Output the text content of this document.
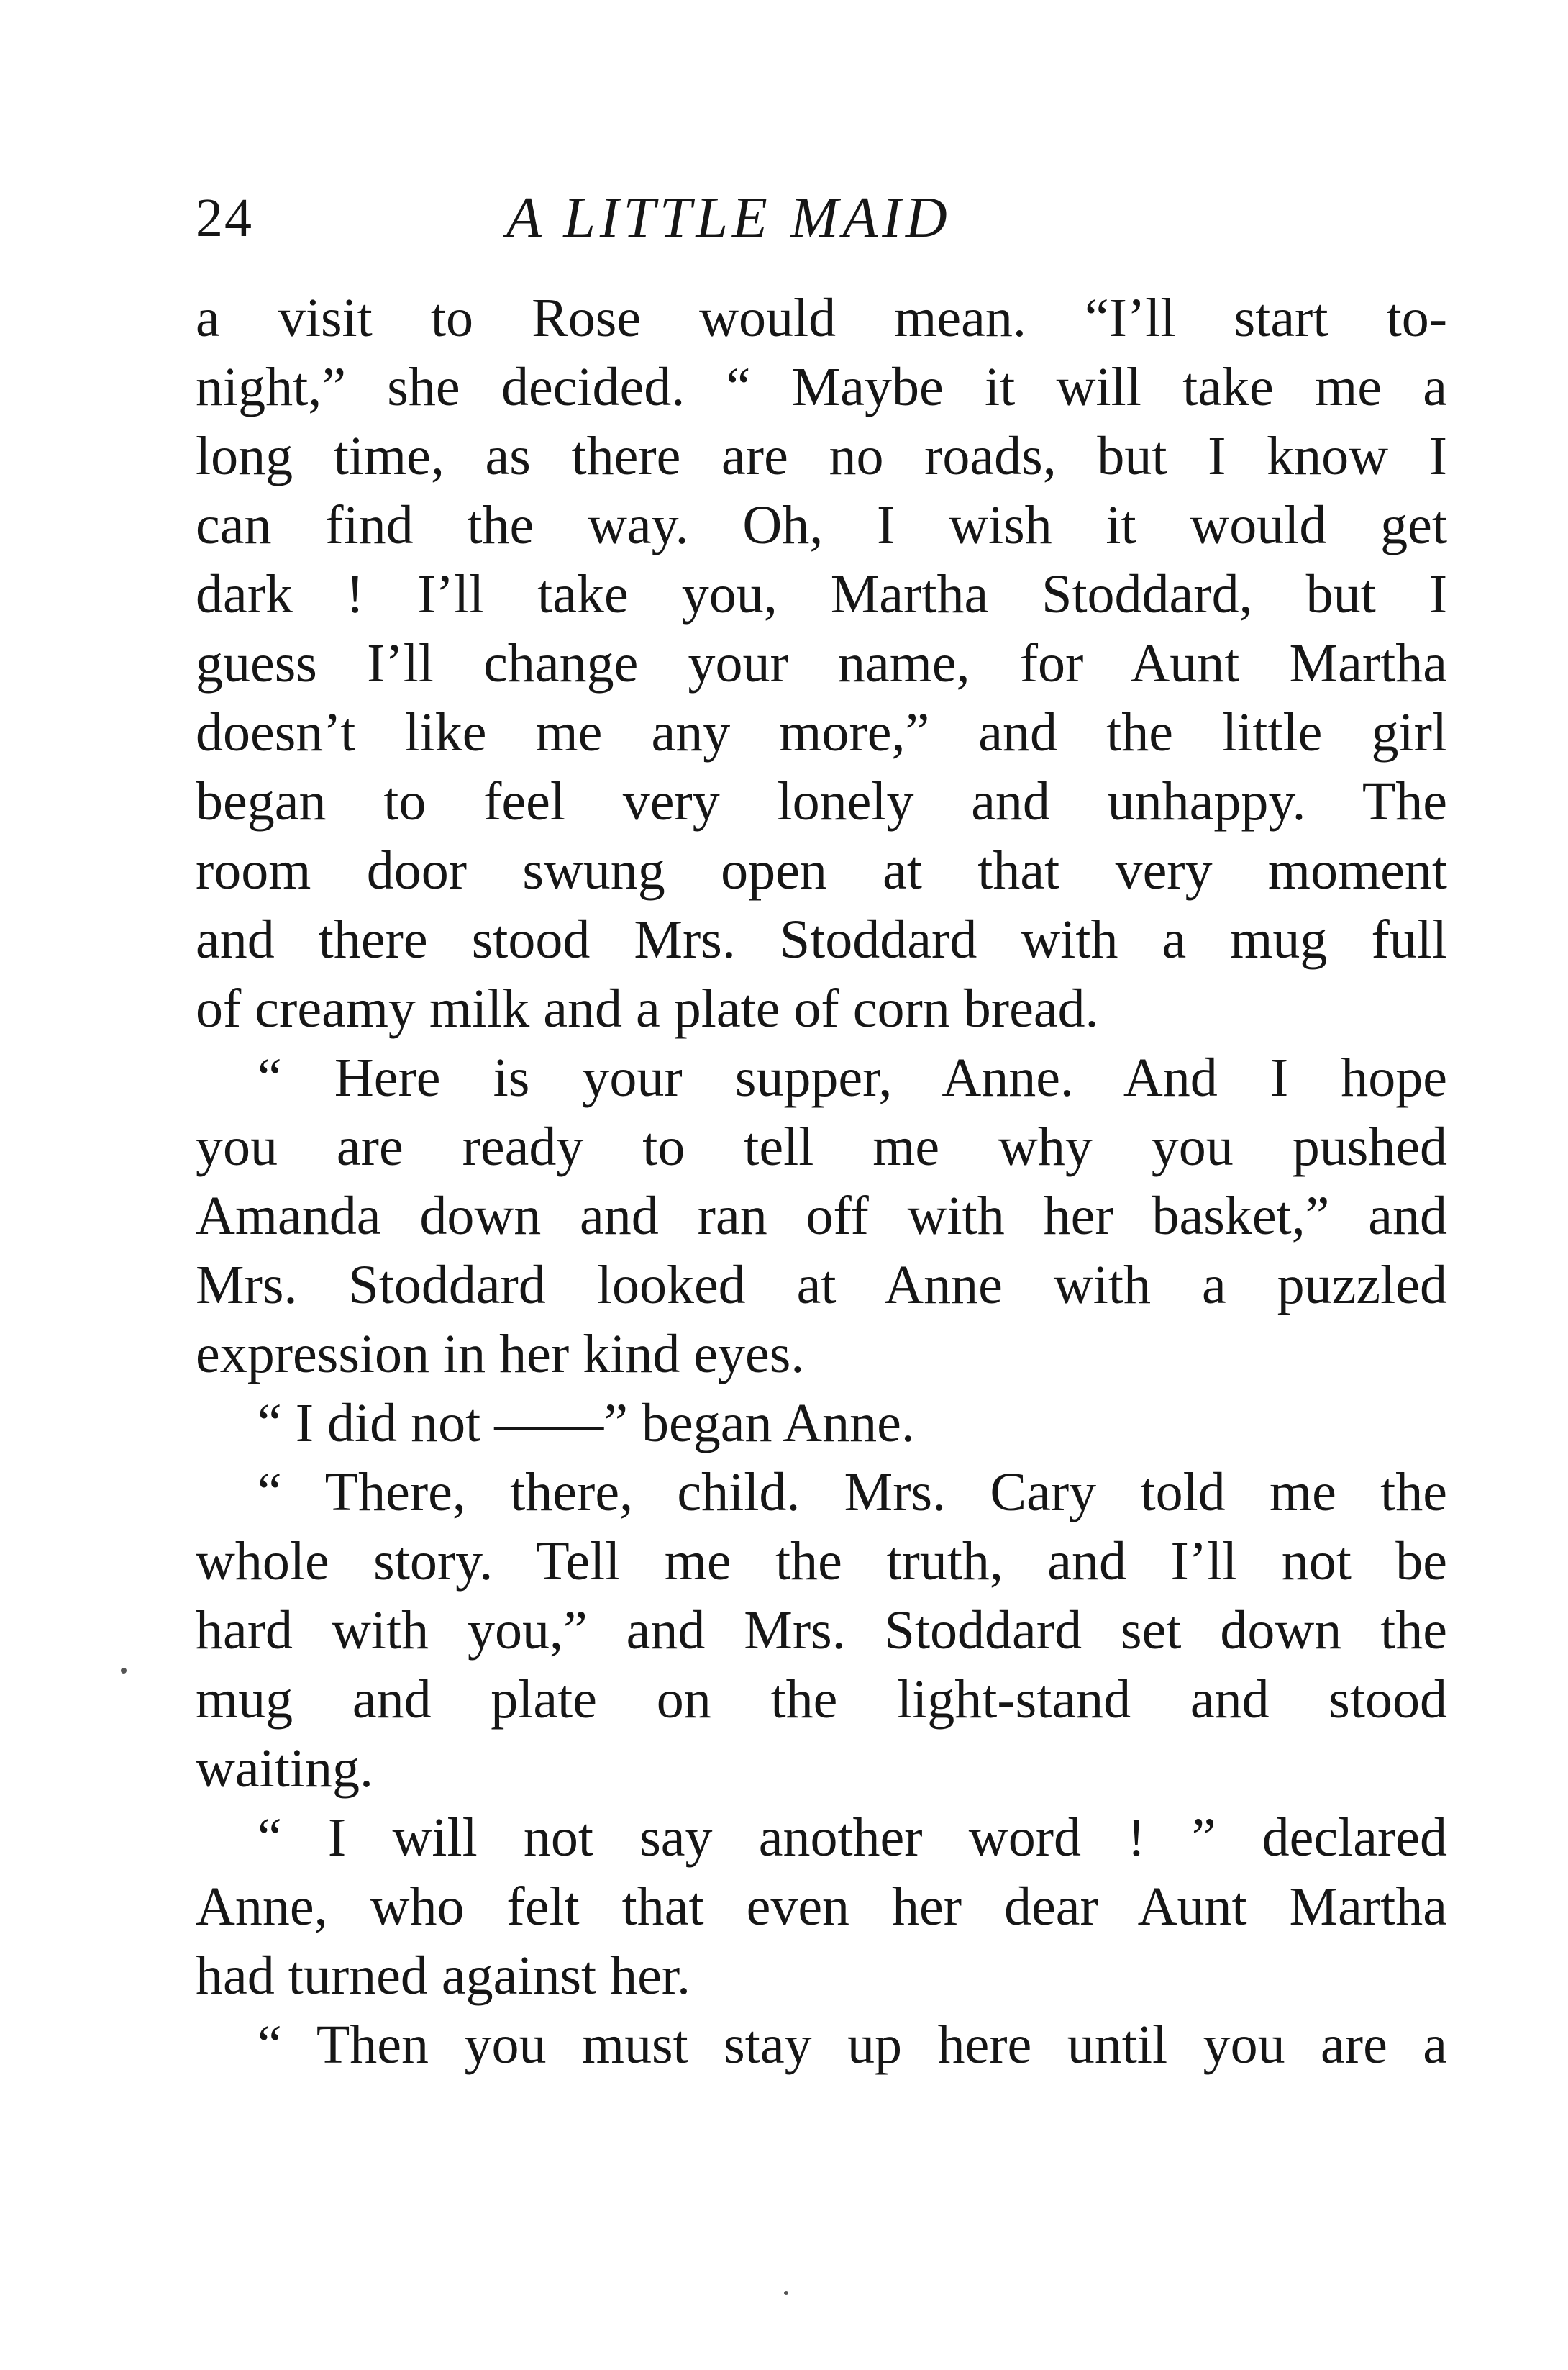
24	A LITTLE MAID
a visit to Rose would mean. “I’ll start to-
night,” she decided. “ Maybe it will take me a
long time, as there are no roads, but I know I
can find the way. Oh, I wish it would get
dark ! I’ll take you, Martha Stoddard, but I
guess I’ll change your name, for Aunt Martha
doesn’t like me any more,” and the little girl
began to feel very lonely and unhappy. The
room door swung open at that very moment
and there stood Mrs. Stoddard with a mug full
of creamy milk and a plate of corn bread.
“ Here is your supper, Anne. And I hope
you are ready to tell me why you pushed
Amanda down and ran off with her basket,” and
Mrs. Stoddard looked at Anne with a puzzled
expression in her kind eyes.
“ I did not ——” began Anne.
“ There, there, child. Mrs. Cary told me the
whole story. Tell me the truth, and I’ll not be
hard with you,” and Mrs. Stoddard set down the
mug and plate on the light-stand and stood
waiting.
“ I will not say another word ! ” declared
Anne, who felt that even her dear Aunt Martha
had turned against her.
“ Then you must stay up here until you are a
